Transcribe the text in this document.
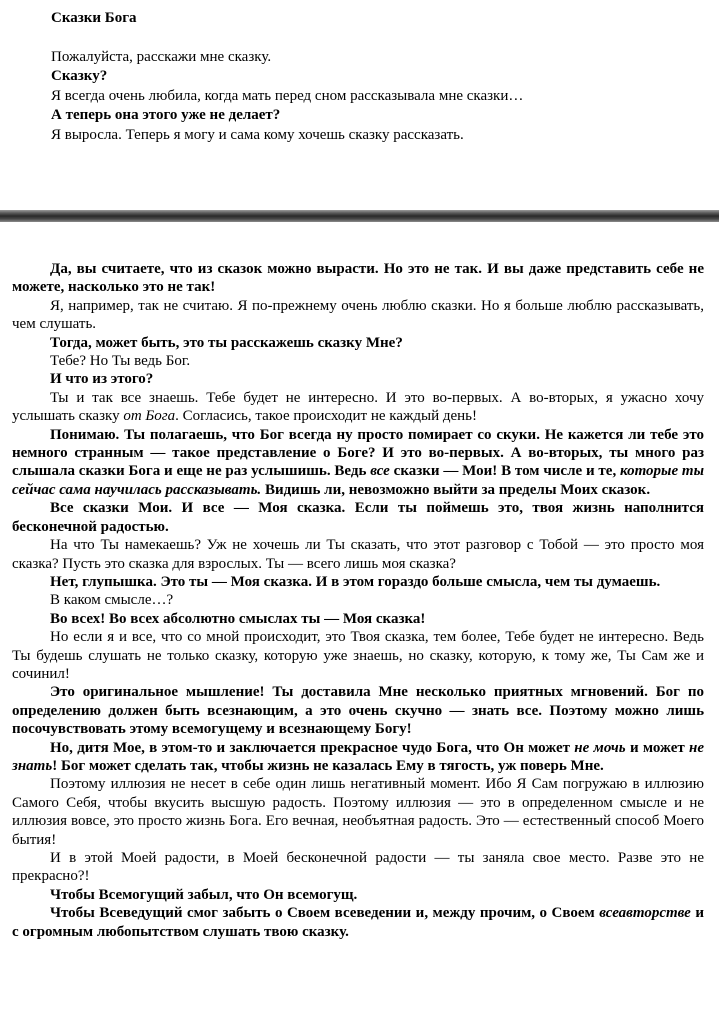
Сказки Бога

Пожалуйста, расскажи мне сказку.

Сказку?

Я всегда очень любила, когда мать перед сном рассказывала мне сказки…

А теперь она этого уже не делает?

Я выросла. Теперь я могу и сама кому хочешь сказку рассказать.

Да, вы считаете, что из сказок можно вырасти. Но это не так. И вы даже представить себе не можете, насколько это не так!

Я, например, так не считаю. Я по-прежнему очень люблю сказки. Но я больше люблю рассказывать, чем слушать.

Тогда, может быть, это ты расскажешь сказку Мне?

Тебе? Но Ты ведь Бог.

И что из этого?

Ты и так все знаешь. Тебе будет не интересно. И это во-первых. А во-вторых, я ужасно хочу услышать сказку от Бога. Согласись, такое происходит не каждый день!

Понимаю. Ты полагаешь, что Бог всегда ну просто помирает со скуки. Не кажется ли тебе это немного странным — такое представление о Боге? И это во-первых. А во-вторых, ты много раз слышала сказки Бога и еще не раз услышишь. Ведь все сказки — Мои! В том числе и те, которые ты сейчас сама научилась рассказывать. Видишь ли, невозможно выйти за пределы Моих сказок.

Все сказки Мои. И все — Моя сказка. Если ты поймешь это, твоя жизнь наполнится бесконечной радостью.

На что Ты намекаешь? Уж не хочешь ли Ты сказать, что этот разговор с Тобой — это просто моя сказка? Пусть это сказка для взрослых. Ты — всего лишь моя сказка?

Нет, глупышка. Это ты — Моя сказка. И в этом гораздо больше смысла, чем ты думаешь.

В каком смысле…?

Во всех! Во всех абсолютно смыслах ты — Моя сказка!

Но если я и все, что со мной происходит, это Твоя сказка, тем более, Тебе будет не интересно. Ведь Ты будешь слушать не только сказку, которую уже знаешь, но сказку, которую, к тому же, Ты Сам же и сочинил!

Это оригинальное мышление! Ты доставила Мне несколько приятных мгновений. Бог по определению должен быть всезнающим, а это очень скучно — знать все. Поэтому можно лишь посочувствовать этому всемогущему и всезнающему Богу!

Но, дитя Мое, в этом-то и заключается прекрасное чудо Бога, что Он может не мочь и может не знать! Бог может сделать так, чтобы жизнь не казалась Ему в тягость, уж поверь Мне.

Поэтому иллюзия не несет в себе один лишь негативный момент. Ибо Я Сам погружаю в иллюзию Самого Себя, чтобы вкусить высшую радость. Поэтому иллюзия — это в определенном смысле и не иллюзия вовсе, это просто жизнь Бога. Его вечная, необъятная радость. Это — естественный способ Моего бытия!

И в этой Моей радости, в Моей бесконечной радости — ты заняла свое место. Разве это не прекрасно?!

Чтобы Всемогущий забыл, что Он всемогущ.

Чтобы Всеведущий смог забыть о Своем всеведении и, между прочим, о Своем всеавторстве и с огромным любопытством слушать твою сказку.
